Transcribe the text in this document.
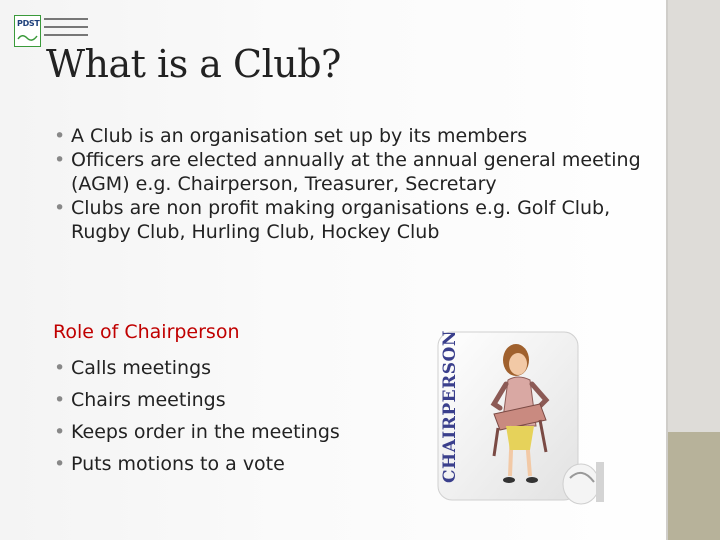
PDST
What is a Club?
• A Club is an organisation set up by its members
• Officers are elected annually at the annual general meeting (AGM) e.g. Chairperson, Treasurer, Secretary
• Clubs are non profit making organisations e.g. Golf Club, Rugby Club, Hurling Club, Hockey Club
Role of Chairperson
• Calls meetings
• Chairs meetings
• Keeps order in the meetings
• Puts motions to a vote	CHAIRPERSON
